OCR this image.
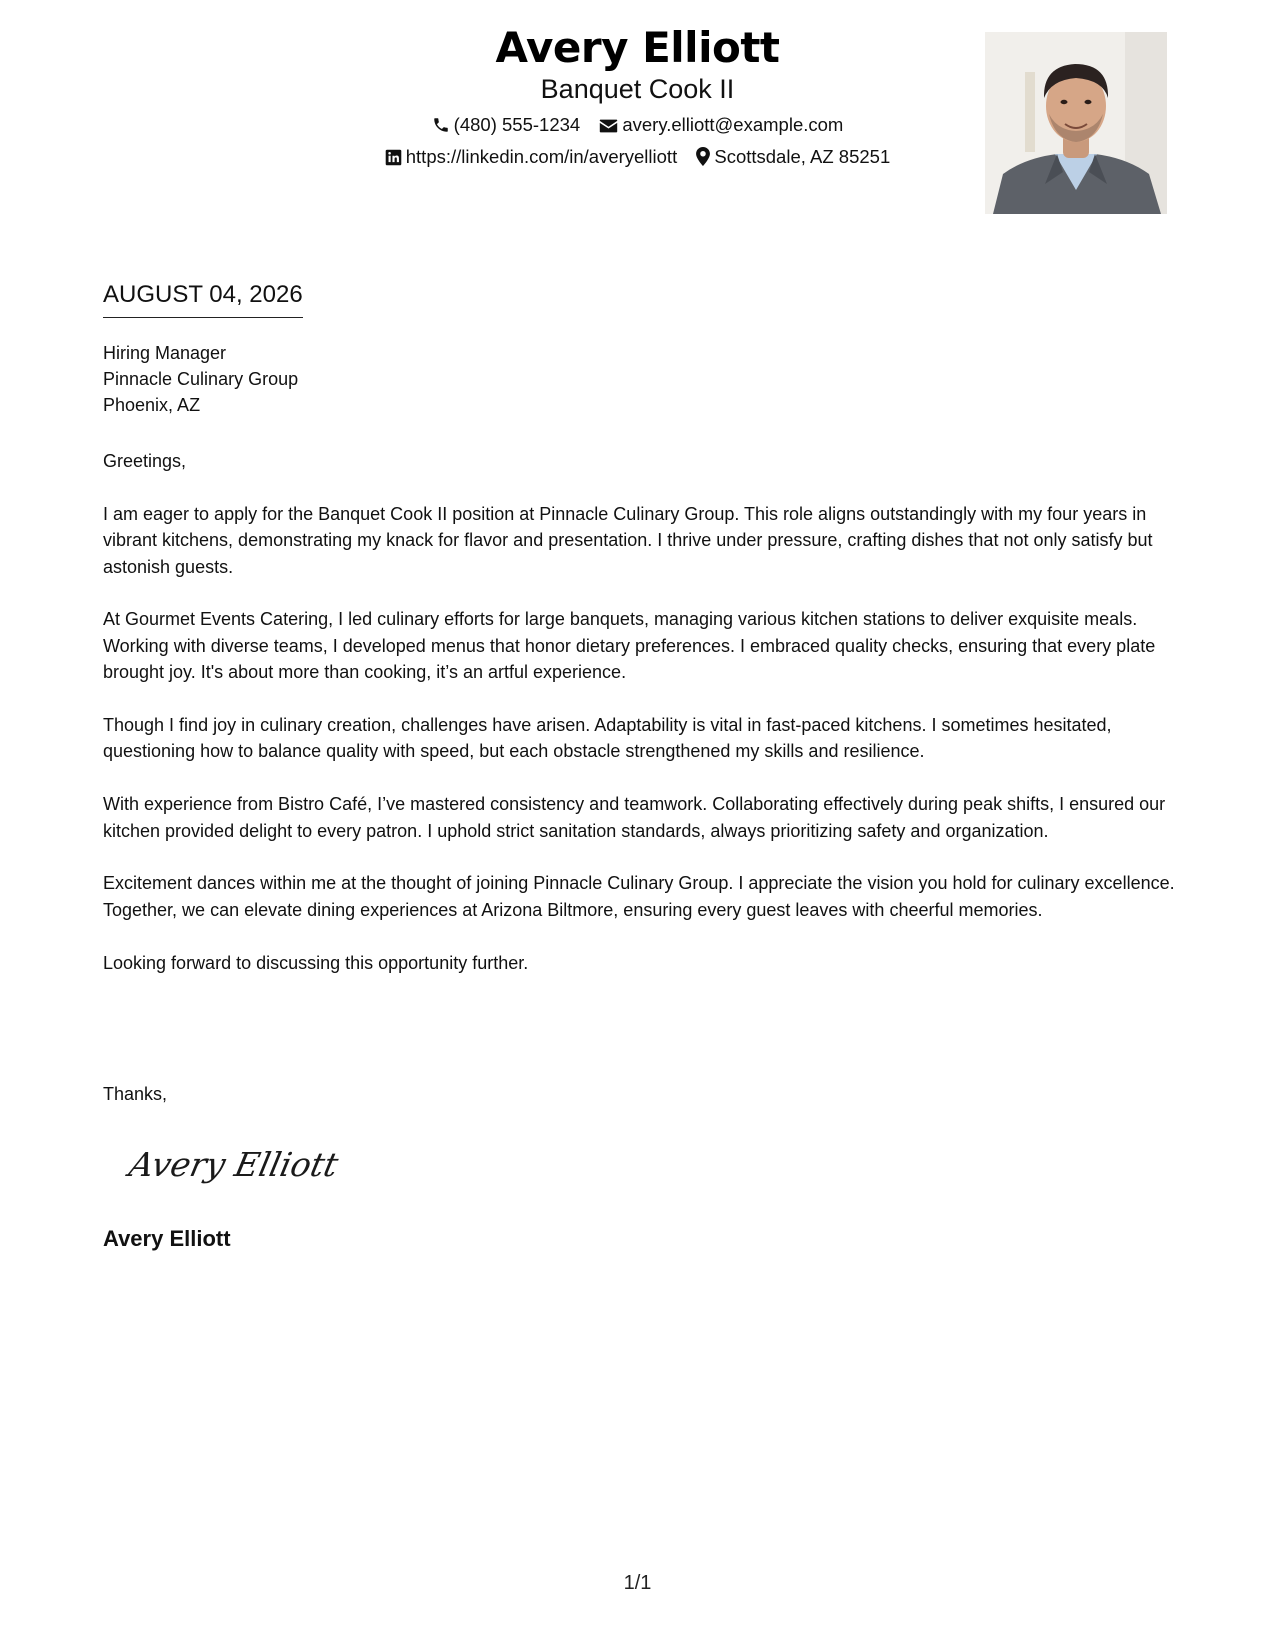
Avery Elliott
Banquet Cook II
(480) 555-1234 avery.elliott@example.com
https://linkedin.com/in/averyelliott Scottsdale, AZ 85251
AUGUST 04, 2026
Hiring Manager
Pinnacle Culinary Group
Phoenix, AZ

Greetings,

I am eager to apply for the Banquet Cook II position at Pinnacle Culinary Group. This role aligns outstandingly with my four years in vibrant kitchens, demonstrating my knack for flavor and presentation. I thrive under pressure, crafting dishes that not only satisfy but astonish guests.

At Gourmet Events Catering, I led culinary efforts for large banquets, managing various kitchen stations to deliver exquisite meals. Working with diverse teams, I developed menus that honor dietary preferences. I embraced quality checks, ensuring that every plate brought joy. It's about more than cooking, it’s an artful experience.

Though I find joy in culinary creation, challenges have arisen. Adaptability is vital in fast-paced kitchens. I sometimes hesitated, questioning how to balance quality with speed, but each obstacle strengthened my skills and resilience.

With experience from Bistro Café, I’ve mastered consistency and teamwork. Collaborating effectively during peak shifts, I ensured our kitchen provided delight to every patron. I uphold strict sanitation standards, always prioritizing safety and organization.

Excitement dances within me at the thought of joining Pinnacle Culinary Group. I appreciate the vision you hold for culinary excellence. Together, we can elevate dining experiences at Arizona Biltmore, ensuring every guest leaves with cheerful memories.

Looking forward to discussing this opportunity further.

Thanks,
Avery Elliott
Avery Elliott
1/1
